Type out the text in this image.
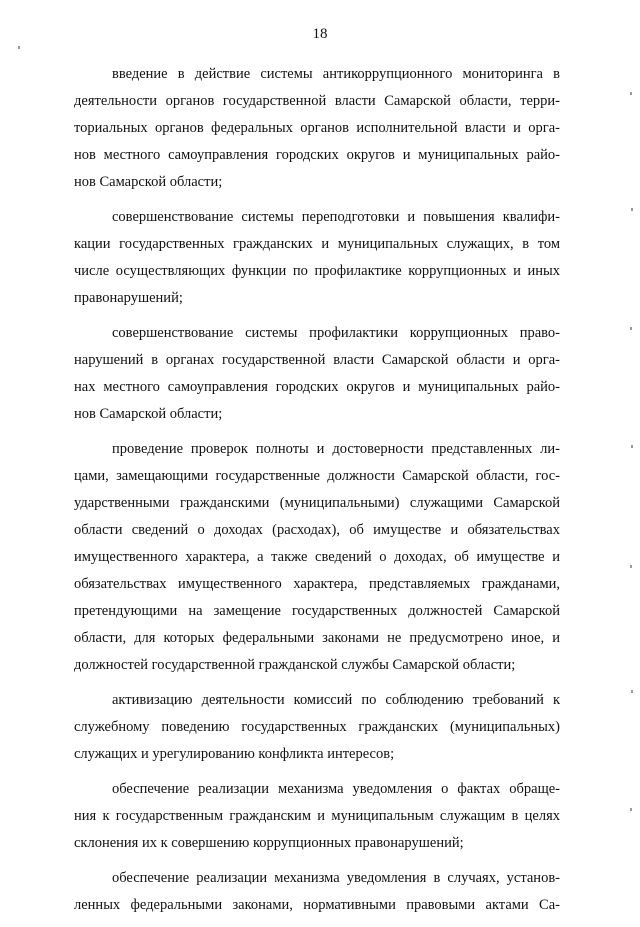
18
введение в действие системы антикоррупционного мониторинга в
деятельности органов государственной власти Самарской области, терри-
ториальных органов федеральных органов исполнительной власти и орга-
нов местного самоуправления городских округов и муниципальных райо-
нов Самарской области;
совершенствование системы переподготовки и повышения квалифи-
кации государственных гражданских и муниципальных служащих, в том
числе осуществляющих функции по профилактике коррупционных и иных
правонарушений;
совершенствование системы профилактики коррупционных право-
нарушений в органах государственной власти Самарской области и орга-
нах местного самоуправления городских округов и муниципальных райо-
нов Самарской области;
проведение проверок полноты и достоверности представленных ли-
цами, замещающими государственные должности Самарской области, гос-
ударственными гражданскими (муниципальными) служащими Самарской
области сведений о доходах (расходах), об имуществе и обязательствах
имущественного характера, а также сведений о доходах, об имуществе и
обязательствах имущественного характера, представляемых гражданами,
претендующими на замещение государственных должностей Самарской
области, для которых федеральными законами не предусмотрено иное, и
должностей государственной гражданской службы Самарской области;
активизацию деятельности комиссий по соблюдению требований к
служебному поведению государственных гражданских (муниципальных)
служащих и урегулированию конфликта интересов;
обеспечение реализации механизма уведомления о фактах обраще-
ния к государственным гражданским и муниципальным служащим в целях
склонения их к совершению коррупционных правонарушений;
обеспечение реализации механизма уведомления в случаях, установ-
ленных федеральными законами, нормативными правовыми актами Са-
